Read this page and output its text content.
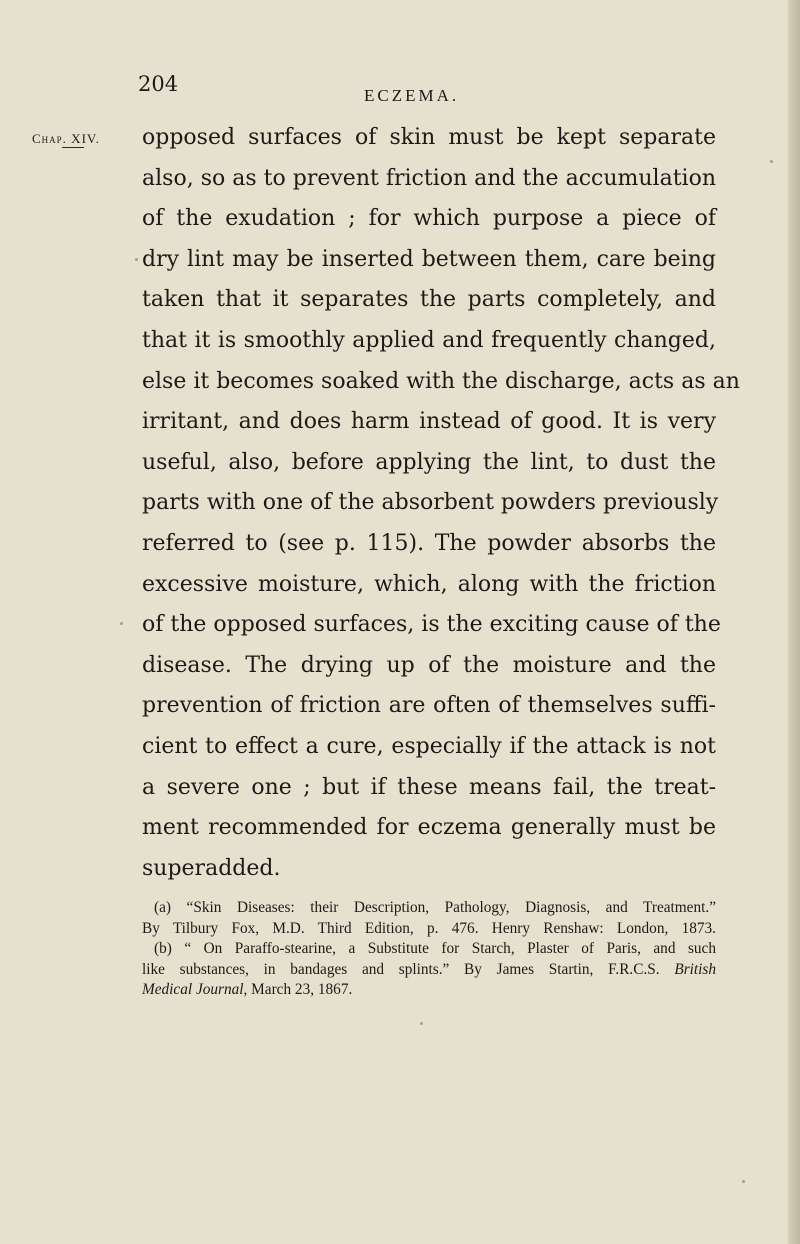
204	ECZEMA.
Chap. XIV. opposed surfaces of skin must be kept separate
also, so as to prevent friction and the accumulation
of the exudation ; for which purpose a piece of
dry lint may be inserted between them, care being
taken that it separates the parts completely, and
that it is smoothly applied and frequently changed,
else it becomes soaked with the discharge, acts as an
irritant, and does harm instead of good. It is very
useful, also, before applying the lint, to dust the
parts with one of the absorbent powders previously
referred to (see p. 115). The powder absorbs the
excessive moisture, which, along with the friction
of the opposed surfaces, is the exciting cause of the
disease. The drying up of the moisture and the
prevention of friction are often of themselves suffi-
cient to effect a cure, especially if the attack is not
a severe one ; but if these means fail, the treat-
ment recommended for eczema generally must be
superadded.
(a) “Skin Diseases: their Description, Pathology, Diagnosis, and Treatment.”
By Tilbury Fox, M.D. Third Edition, p. 476. Henry Renshaw: London, 1873.
(b) “ On Paraffo-stearine, a Substitute for Starch, Plaster of Paris, and such
like substances, in bandages and splints.” By James Startin, F.R.C.S. British
Medical Journal, March 23, 1867.
